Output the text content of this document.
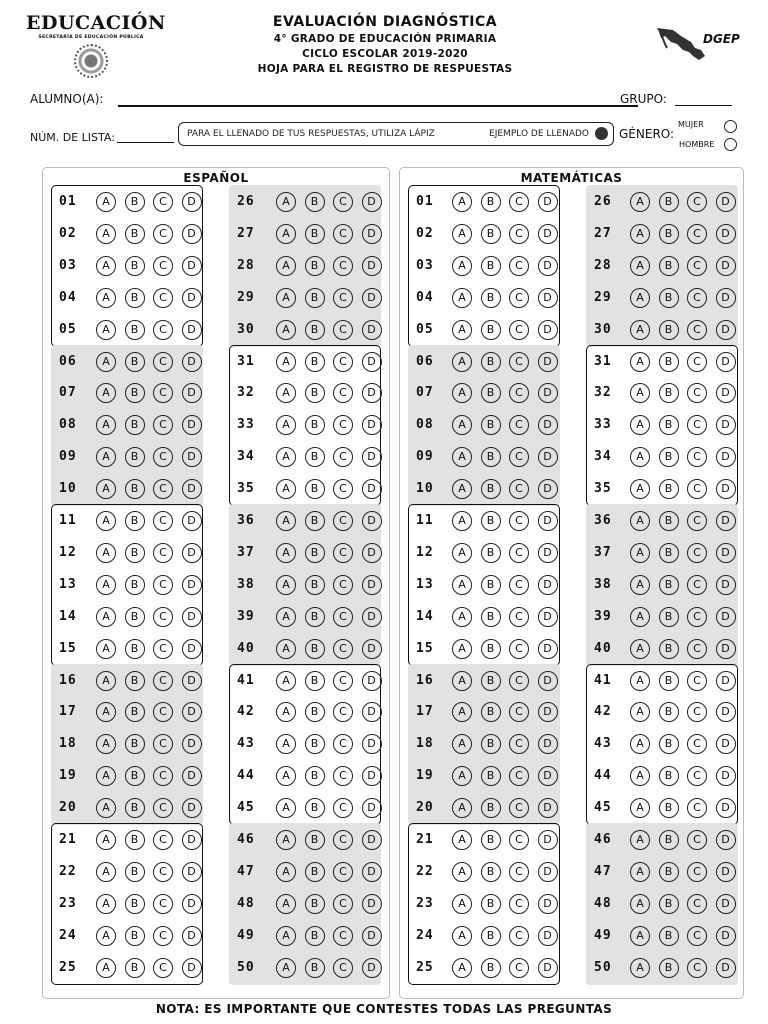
EDUCACIÓN
SECRETARÍA DE EDUCACIÓN PÚBLICA
EVALUACIÓN DIAGNÓSTICA
4° GRADO DE EDUCACIÓN PRIMARIA
CICLO ESCOLAR 2019-2020
HOJA PARA EL REGISTRO DE RESPUESTAS
DGEP
ALUMNO(A):	GRUPO:
NÚM. DE LISTA:	PARA EL LLENADO DE TUS RESPUESTAS, UTILIZA LÁPIZ	EJEMPLO DE LLENADO	GÉNERO:
MUJER
HOMBRE
ESPAÑOL
01	A	B	C	D
02	A	B	C	D
03	A	B	C	D
04	A	B	C	D
05	A	B	C	D
06	A	B	C	D
07	A	B	C	D
08	A	B	C	D
09	A	B	C	D
10	A	B	C	D
11	A	B	C	D
12	A	B	C	D
13	A	B	C	D
14	A	B	C	D
15	A	B	C	D
16	A	B	C	D
17	A	B	C	D
18	A	B	C	D
19	A	B	C	D
20	A	B	C	D
21	A	B	C	D
22	A	B	C	D
23	A	B	C	D
24	A	B	C	D
25	A	B	C	D
26	A	B	C	D
27	A	B	C	D
28	A	B	C	D
29	A	B	C	D
30	A	B	C	D
31	A	B	C	D
32	A	B	C	D
33	A	B	C	D
34	A	B	C	D
35	A	B	C	D
36	A	B	C	D
37	A	B	C	D
38	A	B	C	D
39	A	B	C	D
40	A	B	C	D
41	A	B	C	D
42	A	B	C	D
43	A	B	C	D
44	A	B	C	D
45	A	B	C	D
46	A	B	C	D
47	A	B	C	D
48	A	B	C	D
49	A	B	C	D
50	A	B	C	D
MATEMÁTICAS
01	A	B	C	D
02	A	B	C	D
03	A	B	C	D
04	A	B	C	D
05	A	B	C	D
06	A	B	C	D
07	A	B	C	D
08	A	B	C	D
09	A	B	C	D
10	A	B	C	D
11	A	B	C	D
12	A	B	C	D
13	A	B	C	D
14	A	B	C	D
15	A	B	C	D
16	A	B	C	D
17	A	B	C	D
18	A	B	C	D
19	A	B	C	D
20	A	B	C	D
21	A	B	C	D
22	A	B	C	D
23	A	B	C	D
24	A	B	C	D
25	A	B	C	D
26	A	B	C	D
27	A	B	C	D
28	A	B	C	D
29	A	B	C	D
30	A	B	C	D
31	A	B	C	D
32	A	B	C	D
33	A	B	C	D
34	A	B	C	D
35	A	B	C	D
36	A	B	C	D
37	A	B	C	D
38	A	B	C	D
39	A	B	C	D
40	A	B	C	D
41	A	B	C	D
42	A	B	C	D
43	A	B	C	D
44	A	B	C	D
45	A	B	C	D
46	A	B	C	D
47	A	B	C	D
48	A	B	C	D
49	A	B	C	D
50	A	B	C	D
NOTA: ES IMPORTANTE QUE CONTESTES TODAS LAS PREGUNTAS
